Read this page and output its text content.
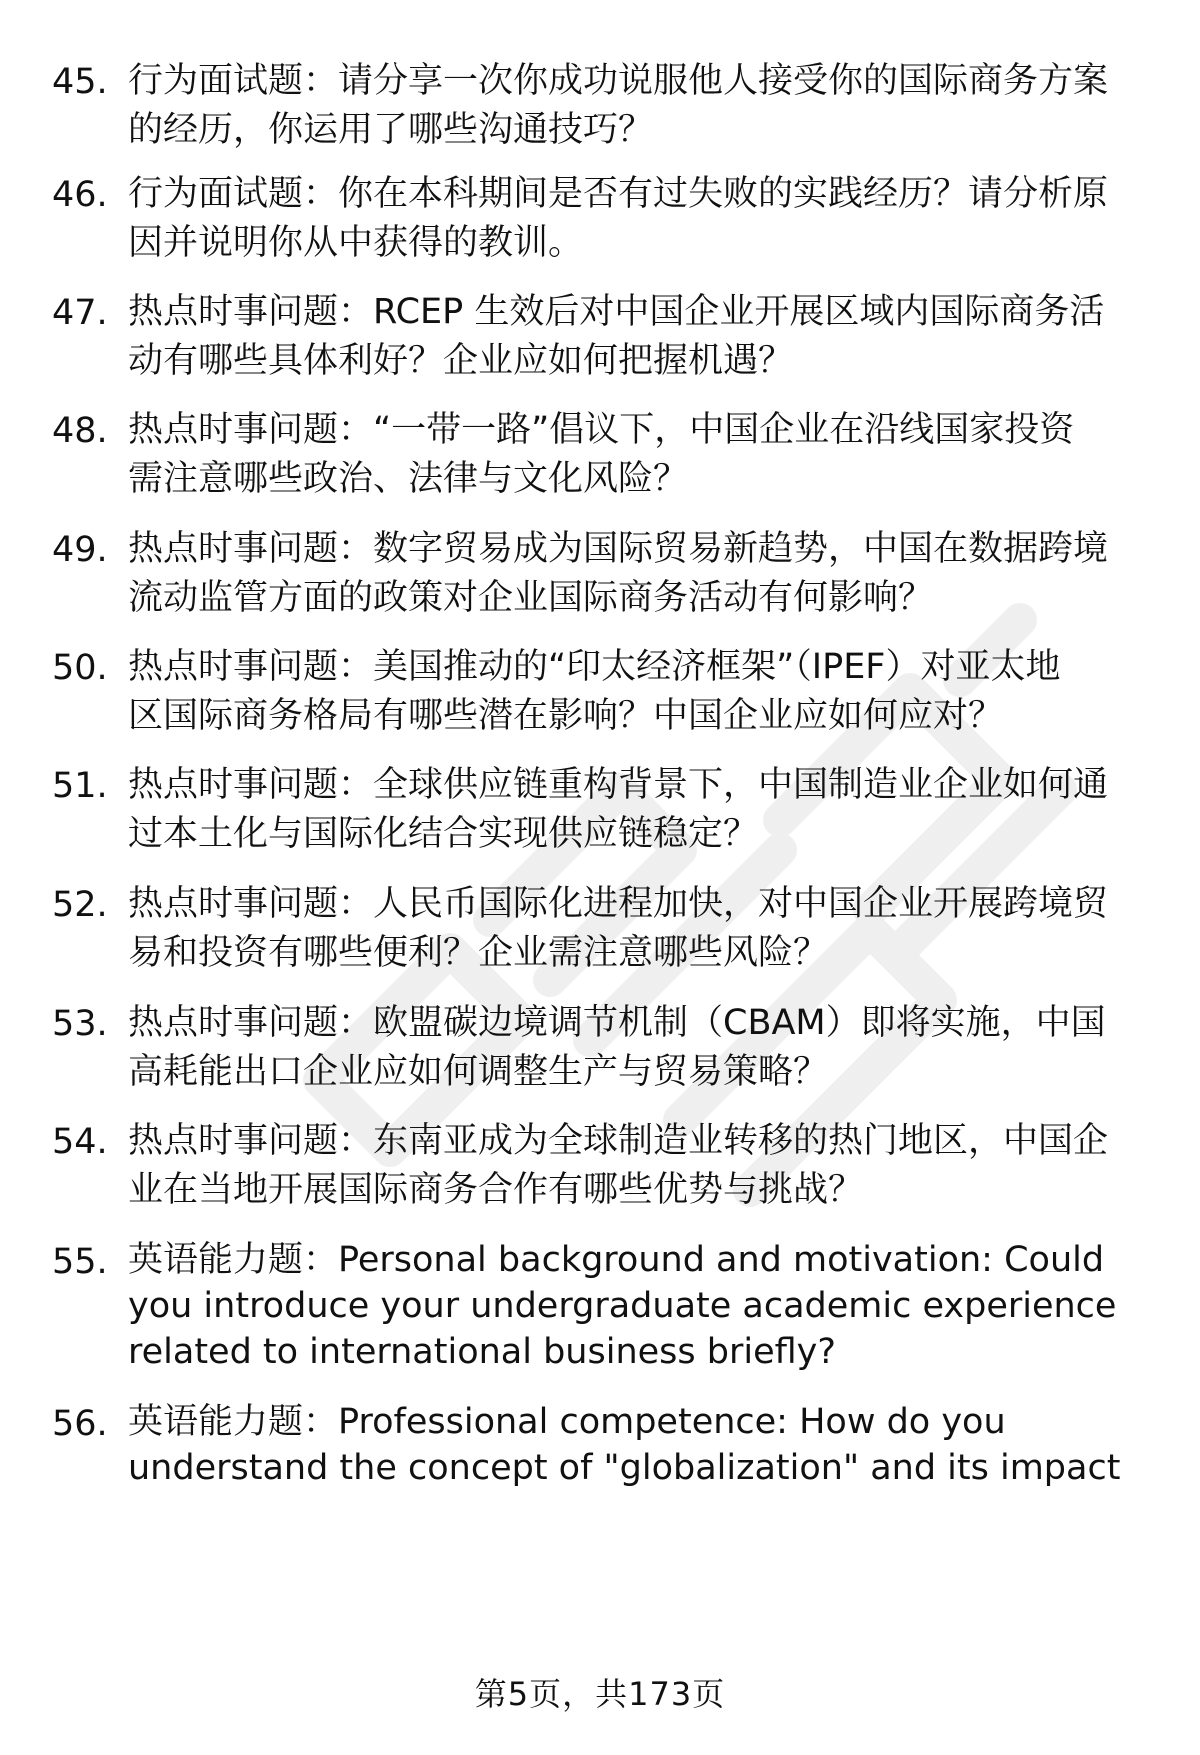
45. 行为面试题：请分享一次你成功说服他人接受你的国际商务方案
的经历，你运用了哪些沟通技巧？
46. 行为面试题：你在本科期间是否有过失败的实践经历？请分析原
因并说明你从中获得的教训。
47. 热点时事问题：RCEP 生效后对中国企业开展区域内国际商务活
动有哪些具体利好？企业应如何把握机遇？
48. 热点时事问题：“一带一路”倡议下，中国企业在沿线国家投资
需注意哪些政治、法律与文化风险？
49. 热点时事问题：数字贸易成为国际贸易新趋势，中国在数据跨境
流动监管方面的政策对企业国际商务活动有何影响？
50. 热点时事问题：美国推动的“印太经济框架”（IPEF）对亚太地
区国际商务格局有哪些潜在影响？中国企业应如何应对？
51. 热点时事问题：全球供应链重构背景下，中国制造业企业如何通
过本土化与国际化结合实现供应链稳定？
52. 热点时事问题：人民币国际化进程加快，对中国企业开展跨境贸
易和投资有哪些便利？企业需注意哪些风险？
53. 热点时事问题：欧盟碳边境调节机制（CBAM）即将实施，中国
高耗能出口企业应如何调整生产与贸易策略？
54. 热点时事问题：东南亚成为全球制造业转移的热门地区，中国企
业在当地开展国际商务合作有哪些优势与挑战？
55. 英语能力题：Personal background and motivation: Could
you introduce your undergraduate academic experience
related to international business briefly?
56. 英语能力题：Professional competence: How do you
understand the concept of "globalization" and its impact
第5页，共173页
